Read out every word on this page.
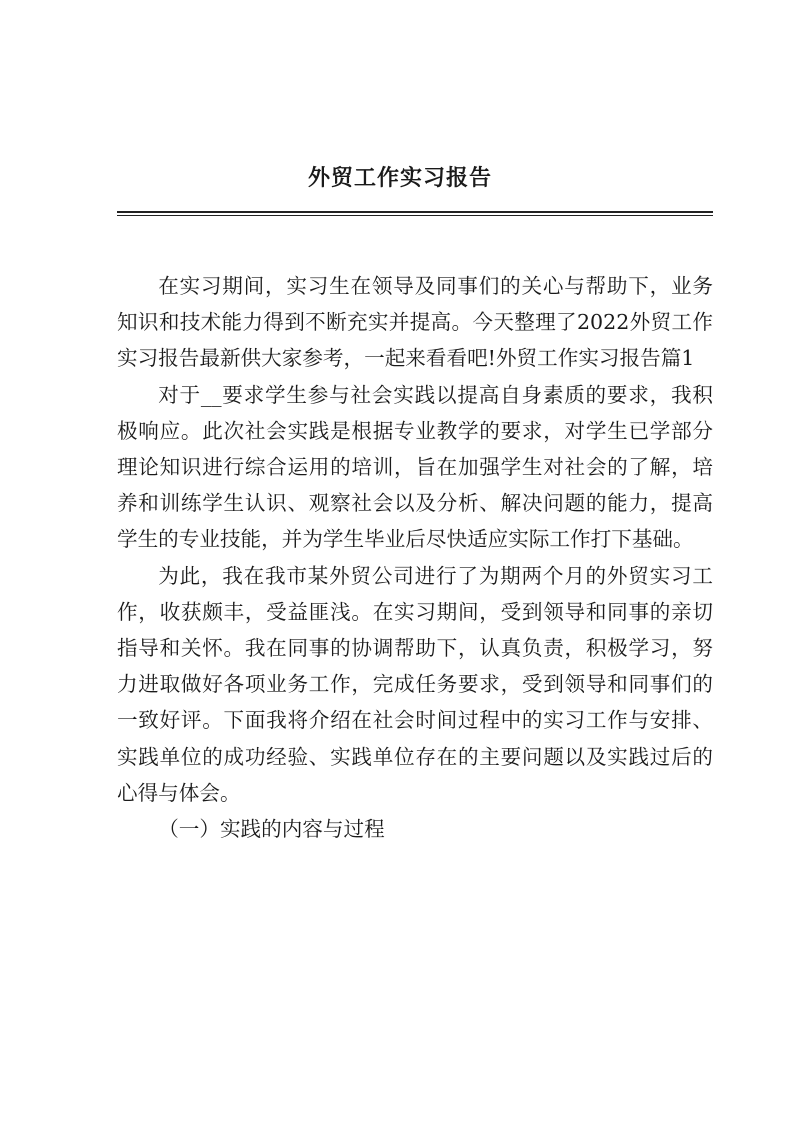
外贸工作实习报告

在实习期间，实习生在领导及同事们的关心与帮助下，业务知识和技术能力得到不断充实并提高。今天整理了2022外贸工作实习报告最新供大家参考，一起来看看吧!外贸工作实习报告篇1

对于__要求学生参与社会实践以提高自身素质的要求，我积极响应。此次社会实践是根据专业教学的要求，对学生已学部分理论知识进行综合运用的培训，旨在加强学生对社会的了解，培养和训练学生认识、观察社会以及分析、解决问题的能力，提高学生的专业技能，并为学生毕业后尽快适应实际工作打下基础。

为此，我在我市某外贸公司进行了为期两个月的外贸实习工作，收获颇丰，受益匪浅。在实习期间，受到领导和同事的亲切指导和关怀。我在同事的协调帮助下，认真负责，积极学习，努力进取做好各项业务工作，完成任务要求，受到领导和同事们的一致好评。下面我将介绍在社会时间过程中的实习工作与安排、实践单位的成功经验、实践单位存在的主要问题以及实践过后的心得与体会。

（一）实践的内容与过程
